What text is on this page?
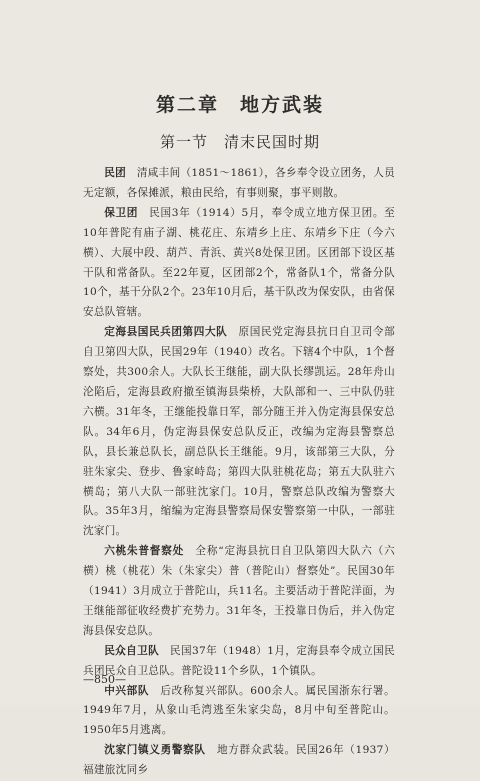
第二章　地方武装
第一节　清末民国时期

民团　 清咸丰间（1851～1861），各乡奉令设立团务，人员无定额，各保摊派，粮由民给，有事则聚，事平则散。

保卫团　 民国3年（1914）5月，奉令成立地方保卫团。至10年普陀有庙子湖、桃花庄、东靖乡上庄、东靖乡下庄（今六横）、大展中段、葫芦、青浜、黄兴8处保卫团。区团部下设区基干队和常备队。至22年夏，区团部2个，常备队1个，常备分队10个，基干分队2个。23年10月后，基干队改为保安队，由省保安总队管辖。

定海县国民兵团第四大队　 原国民党定海县抗日自卫司令部自卫第四大队，民国29年（1940）改名。下辖4个中队，1个督察处，共300余人。大队长王继能，副大队长缪凯运。28年舟山沦陷后，定海县政府撤至镇海县柴桥，大队部和一、三中队仍驻六横。31年冬，王继能投靠日军，部分随王并入伪定海县保安总队。34年6月，伪定海县保安总队反正，改编为定海县警察总队，县长兼总队长，副总队长王继能。9月，该部第三大队，分驻朱家尖、登步、鲁家峙岛；第四大队驻桃花岛；第五大队驻六横岛；第八大队一部驻沈家门。10月，警察总队改编为警察大队。35年3月，缩编为定海县警察局保安警察第一中队，一部驻沈家门。

六桃朱普督察处　 全称“定海县抗日自卫队第四大队六（六横）桃（桃花）朱（朱家尖）普（普陀山）督察处”。民国30年（1941）3月成立于普陀山，兵11名。主要活动于普陀洋面，为王继能部征收经费扩充势力。31年冬，王投靠日伪后，并入伪定海县保安总队。

民众自卫队　 民国37年（1948）1月，定海县奉令成立国民兵团民众自卫总队。普陀设11个乡队，1个镇队。

中兴部队　 后改称复兴部队。600余人。属民国浙东行署。1949年7月，从象山毛湾逃至朱家尖岛，8月中旬至普陀山。1950年5月逃离。

沈家门镇义勇警察队　 地方群众武装。民国26年（1937）福建旅沈同乡

—850—
